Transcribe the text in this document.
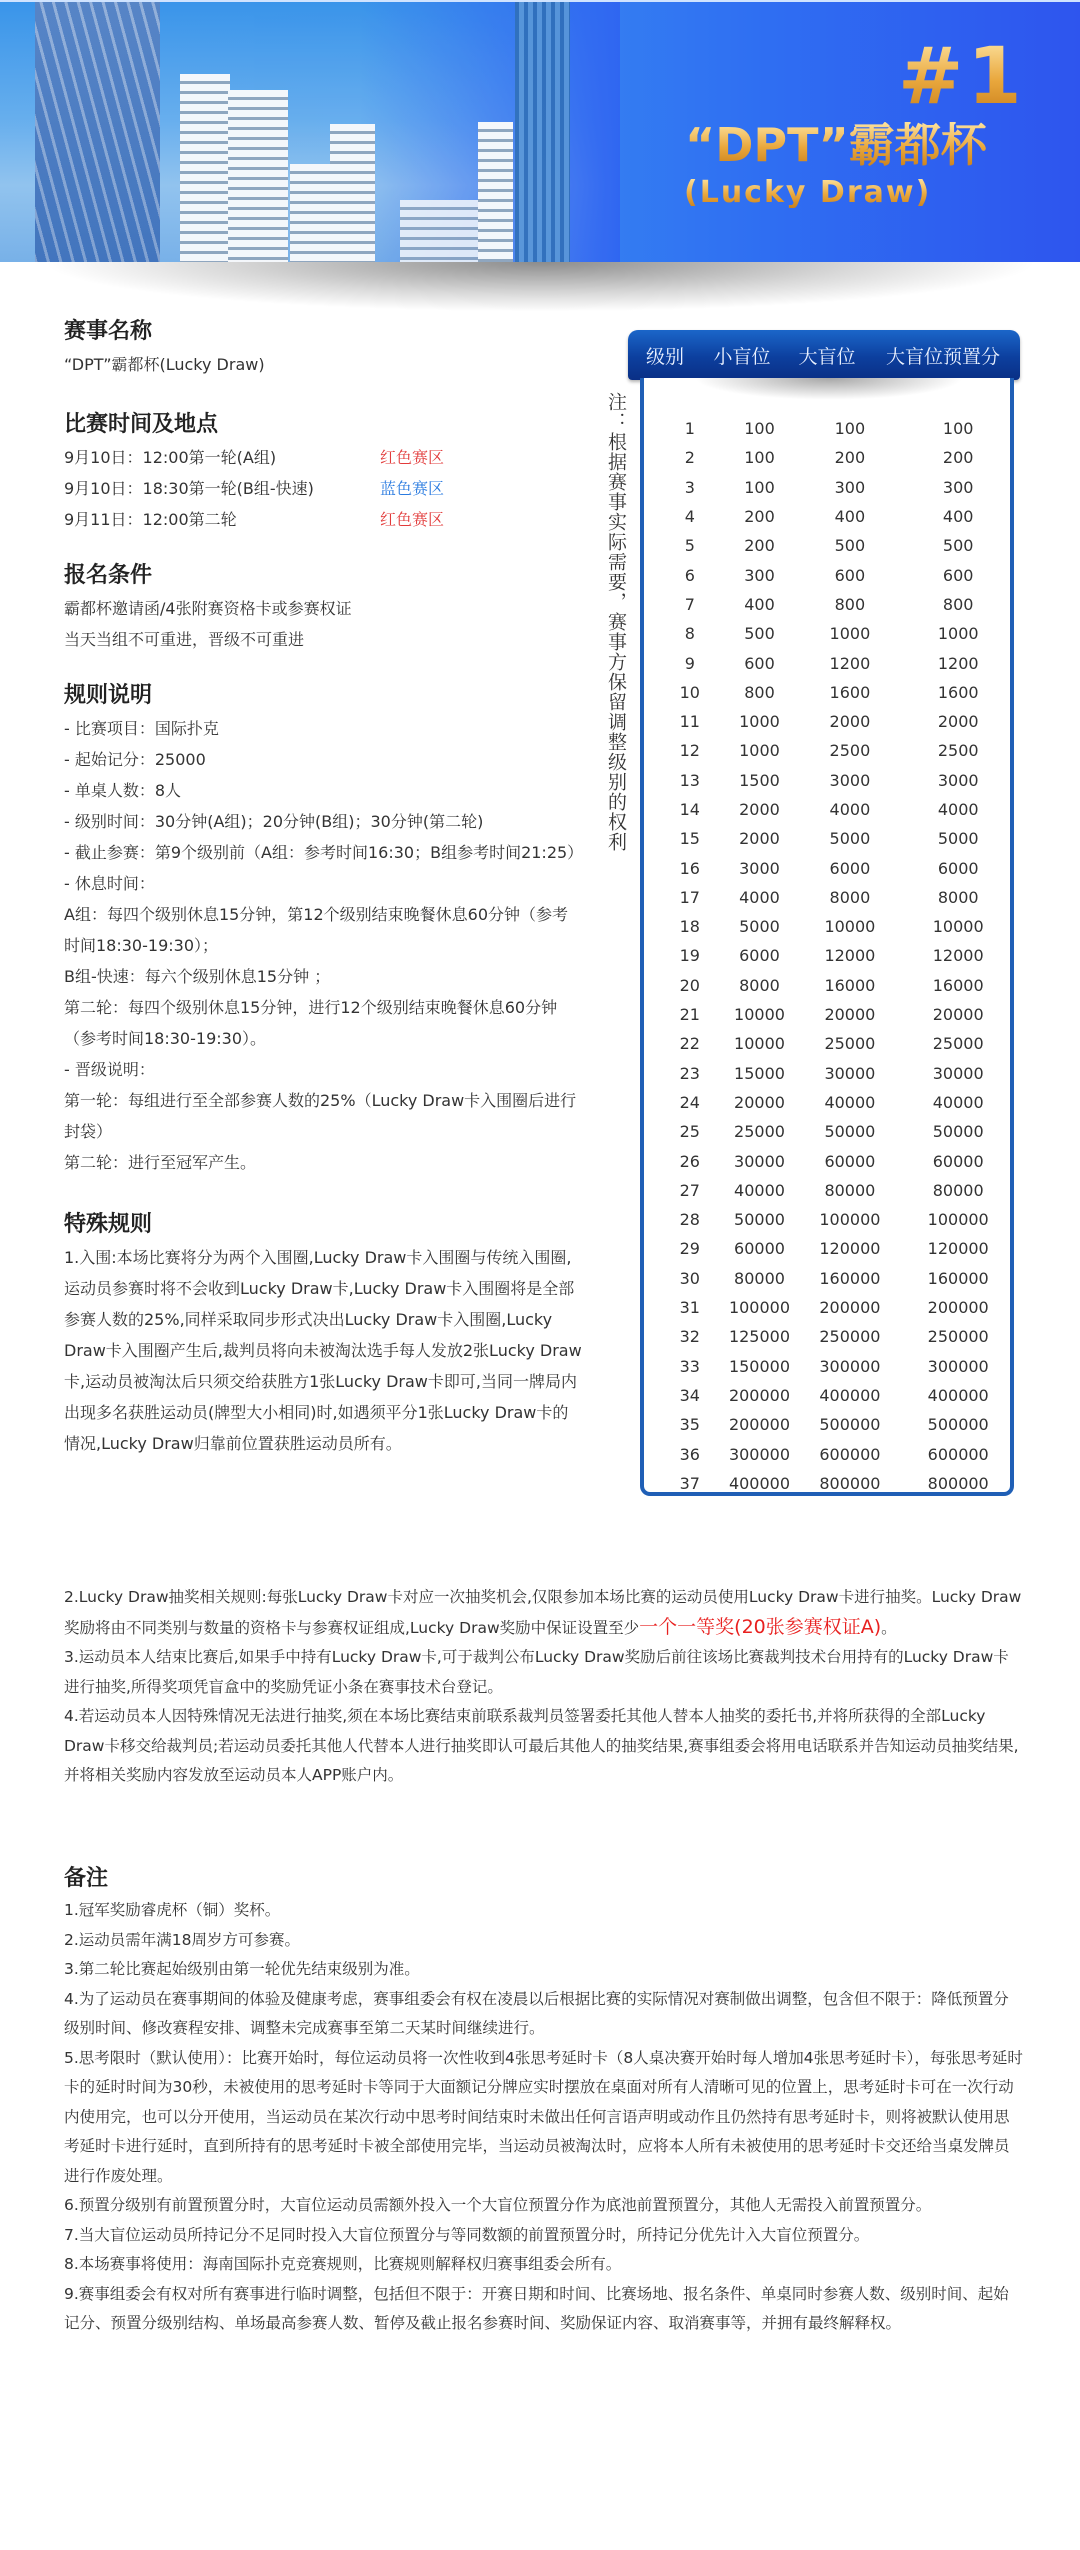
#1
“DPT”霸都杯
(Lucky Draw)
赛事名称
“DPT”霸都杯(Lucky Draw)
比赛时间及地点
9月10日：12:00第一轮(A组)	红色赛区
9月10日：18:30第一轮(B组-快速)	蓝色赛区
9月11日：12:00第二轮	红色赛区
报名条件
霸都杯邀请函/4张附赛资格卡或参赛权证
当天当组不可重进，晋级不可重进
规则说明
- 比赛项目：国际扑克
- 起始记分：25000
- 单桌人数：8人
- 级别时间：30分钟(A组)；20分钟(B组)；30分钟(第二轮)
- 截止参赛：第9个级别前（A组：参考时间16:30；B组参考时间21:25）
- 休息时间：
A组：每四个级别休息15分钟，第12个级别结束晚餐休息60分钟（参考时间18:30-19:30）；
B组-快速：每六个级别休息15分钟 ；
第二轮：每四个级别休息15分钟，进行12个级别结束晚餐休息60分钟（参考时间18:30-19:30）。
- 晋级说明：
第一轮：每组进行至全部参赛人数的25%（Lucky Draw卡入围圈后进行封袋）
第二轮：进行至冠军产生。
特殊规则
1.入围:本场比赛将分为两个入围圈,Lucky Draw卡入围圈与传统入围圈,运动员参赛时将不会收到Lucky Draw卡,Lucky Draw卡入围圈将是全部参赛人数的25%,同样采取同步形式决出Lucky Draw卡入围圈,Lucky Draw卡入围圈产生后,裁判员将向未被淘汰选手每人发放2张Lucky Draw卡,运动员被淘汰后只须交给获胜方1张Lucky Draw卡即可,当同一牌局内出现多名获胜运动员(牌型大小相同)时,如遇须平分1张Lucky Draw卡的情况,Lucky Draw归靠前位置获胜运动员所有。
注：根据赛事实际需要，赛事方保留调整级别的权利
级别	小盲位	大盲位	大盲位预置分
1	100	100	100
2	100	200	200
3	100	300	300
4	200	400	400
5	200	500	500
6	300	600	600
7	400	800	800
8	500	1000	1000
9	600	1200	1200
10	800	1600	1600
11	1000	2000	2000
12	1000	2500	2500
13	1500	3000	3000
14	2000	4000	4000
15	2000	5000	5000
16	3000	6000	6000
17	4000	8000	8000
18	5000	10000	10000
19	6000	12000	12000
20	8000	16000	16000
21	10000	20000	20000
22	10000	25000	25000
23	15000	30000	30000
24	20000	40000	40000
25	25000	50000	50000
26	30000	60000	60000
27	40000	80000	80000
28	50000	100000	100000
29	60000	120000	120000
30	80000	160000	160000
31	100000	200000	200000
32	125000	250000	250000
33	150000	300000	300000
34	200000	400000	400000
35	200000	500000	500000
36	300000	600000	600000
37	400000	800000	800000
2.Lucky Draw抽奖相关规则:每张Lucky Draw卡对应一次抽奖机会,仅限参加本场比赛的运动员使用Lucky Draw卡进行抽奖。Lucky Draw奖励将由不同类别与数量的资格卡与参赛权证组成,Lucky Draw奖励中保证设置至少一个一等奖(20张参赛权证A)。
3.运动员本人结束比赛后,如果手中持有Lucky Draw卡,可于裁判公布Lucky Draw奖励后前往该场比赛裁判技术台用持有的Lucky Draw卡进行抽奖,所得奖项凭盲盒中的奖励凭证小条在赛事技术台登记。
4.若运动员本人因特殊情况无法进行抽奖,须在本场比赛结束前联系裁判员签署委托其他人替本人抽奖的委托书,并将所获得的全部Lucky Draw卡移交给裁判员;若运动员委托其他人代替本人进行抽奖即认可最后其他人的抽奖结果,赛事组委会将用电话联系并告知运动员抽奖结果,并将相关奖励内容发放至运动员本人APP账户内。
备注
1.冠军奖励睿虎杯（铜）奖杯。
2.运动员需年满18周岁方可参赛。
3.第二轮比赛起始级别由第一轮优先结束级别为准。
4.为了运动员在赛事期间的体验及健康考虑，赛事组委会有权在凌晨以后根据比赛的实际情况对赛制做出调整，包含但不限于：降低预置分级别时间、修改赛程安排、调整未完成赛事至第二天某时间继续进行。
5.思考限时（默认使用）：比赛开始时，每位运动员将一次性收到4张思考延时卡（8人桌决赛开始时每人增加4张思考延时卡），每张思考延时卡的延时时间为30秒，未被使用的思考延时卡等同于大面额记分牌应实时摆放在桌面对所有人清晰可见的位置上，思考延时卡可在一次行动内使用完，也可以分开使用，当运动员在某次行动中思考时间结束时未做出任何言语声明或动作且仍然持有思考延时卡，则将被默认使用思考延时卡进行延时，直到所持有的思考延时卡被全部使用完毕，当运动员被淘汰时，应将本人所有未被使用的思考延时卡交还给当桌发牌员进行作废处理。
6.预置分级别有前置预置分时，大盲位运动员需额外投入一个大盲位预置分作为底池前置预置分，其他人无需投入前置预置分。
7.当大盲位运动员所持记分不足同时投入大盲位预置分与等同数额的前置预置分时，所持记分优先计入大盲位预置分。
8.本场赛事将使用：海南国际扑克竞赛规则，比赛规则解释权归赛事组委会所有。
9.赛事组委会有权对所有赛事进行临时调整，包括但不限于：开赛日期和时间、比赛场地、报名条件、单桌同时参赛人数、级别时间、起始记分、预置分级别结构、单场最高参赛人数、暂停及截止报名参赛时间、奖励保证内容、取消赛事等，并拥有最终解释权。
